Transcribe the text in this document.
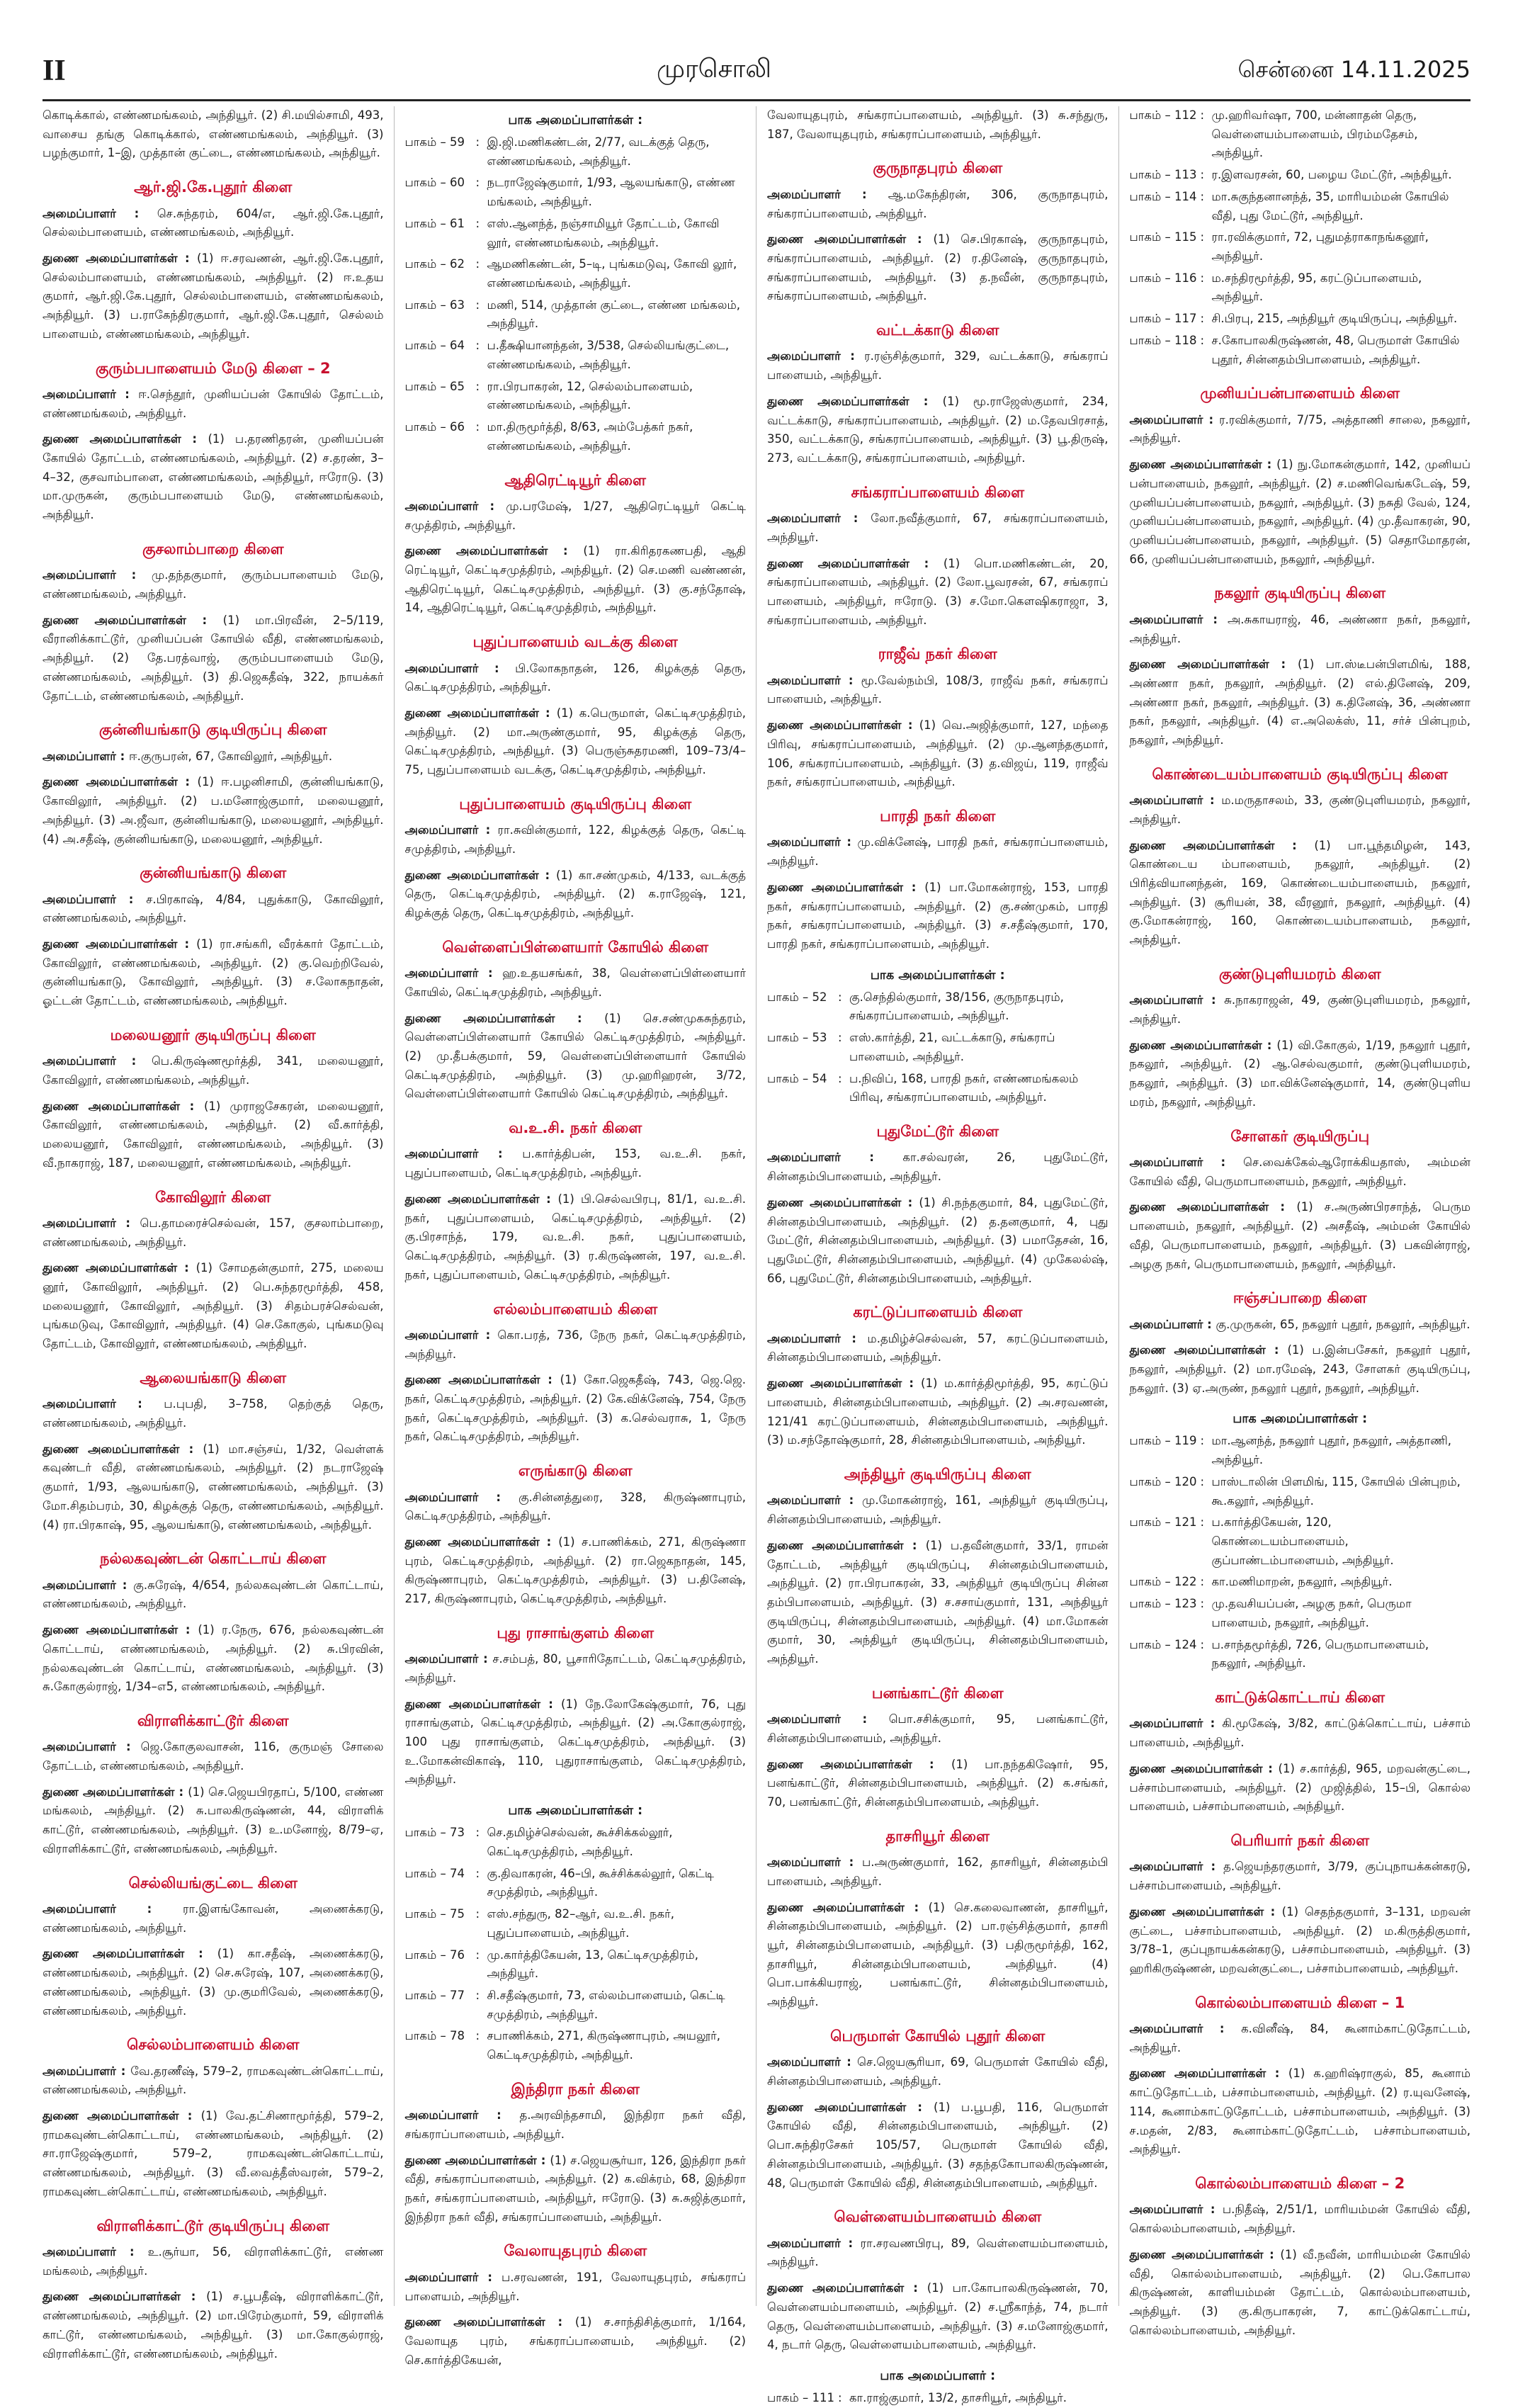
II	முரசொலி	சென்னை 14.11.2025

கொடிக்கால், எண்ணமங்கலம், அந்தியூர். (2) சி.மயில்சாமி, 493, வாசைய தங்கு கொடிக்கால், எண்ணமங்கலம், அந்தியூர். (3) பழந்குமார், 1–இ, முத்தான் குட்டை, எண்ணமங்கலம், அந்தியூர்.

ஆர்.ஜி.கே.புதூர் கிளை

அமைப்பாளர் : செ.சுந்தரம், 604/எ, ஆர்.ஜி.கே.புதூர், செல்லம்பாளையம், எண்ணமங்கலம், அந்தியூர்.

துணை அமைப்பாளர்கள் : (1) ஈ.சரவணன், ஆர்.ஜி.கே.புதூர், செல்லம்பாளையம், எண்ணமங்கலம், அந்தியூர். (2) ஈ.உதய குமார், ஆர்.ஜி.கே.புதூர், செல்லம்பாளையம், எண்ணமங்கலம், அந்தியூர். (3) ப.ராகேந்திரகுமார், ஆர்.ஜி.கே.புதூர், செல்லம் பாளையம், எண்ணமங்கலம், அந்தியூர்.

குரும்பபாளையம் மேடு கிளை – 2

அமைப்பாளர் : ஈ.செந்தூர், முனியப்பன் கோயில் தோட்டம், எண்ணமங்கலம், அந்தியூர்.

துணை அமைப்பாளர்கள் : (1) ப.தரணிதரன், முனியப்பன் கோயில் தோட்டம், எண்ணமங்கலம், அந்தியூர். (2) ச.தரண், 3–4–32, குசவாம்பாளை, எண்ணமங்கலம், அந்தியூர், ஈரோடு. (3) மா.முருகன், குரும்பபாளையம் மேடு, எண்ணமங்கலம், அந்தியூர்.

குசலாம்பாறை கிளை

அமைப்பாளர் : மு.தந்தகுமார், குரும்பபாளையம் மேடு, எண்ணமங்கலம், அந்தியூர்.

துணை அமைப்பாளர்கள் : (1) மா.பிரவீன், 2–5/119, வீரானிக்காட்டூர், முனியப்பன் கோயில் வீதி, எண்ணமங்கலம், அந்தியூர். (2) தே.பரத்வாஜ், குரும்பபாளையம் மேடு, எண்ணமங்கலம், அந்தியூர். (3) தி.ஜெகதீஷ், 322, நாயக்கர் தோட்டம், எண்ணமங்கலம், அந்தியூர்.

குன்னியங்காடு குடியிருப்பு கிளை

அமைப்பாளர் : ஈ.குருபரன், 67, கோவிலூர், அந்தியூர்.

துணை அமைப்பாளர்கள் : (1) ஈ.பழனிசாமி, குன்னியங்காடு, கோவிலூர், அந்தியூர். (2) ப.மனோஜ்குமார், மலையனூர், அந்தியூர். (3) அ.ஜீவா, குன்னியங்காடு, மலையனூர், அந்தியூர். (4) அ.சதீஷ், குன்னியங்காடு, மலையனூர், அந்தியூர்.

குன்னியங்காடு கிளை

அமைப்பாளர் : ச.பிரகாஷ், 4/84, புதுக்காடு, கோவிலூர், எண்ணமங்கலம், அந்தியூர்.

துணை அமைப்பாளர்கள் : (1) ரா.சங்கரி, வீரக்கார் தோட்டம், கோவிலூர், எண்ணமங்கலம், அந்தியூர். (2) கு.வெற்றிவேல், குன்னியங்காடு, கோவிலூர், அந்தியூர். (3) ச.லோகநாதன், ஓட்டன் தோட்டம், எண்ணமங்கலம், அந்தியூர்.

மலையனூர் குடியிருப்பு கிளை

அமைப்பாளர் : பெ.கிருஷ்ணமூர்த்தி, 341, மலையனூர், கோவிலூர், எண்ணமங்கலம், அந்தியூர்.

துணை அமைப்பாளர்கள் : (1) முராஜசேகரன், மலையனூர், கோவிலூர், எண்ணமங்கலம், அந்தியூர். (2) வீ.கார்த்தி, மலையனூர், கோவிலூர், எண்ணமங்கலம், அந்தியூர். (3) வீ.நாகராஜ், 187, மலையனூர், எண்ணமங்கலம், அந்தியூர்.

கோவிலூர் கிளை

அமைப்பாளர் : பெ.தாமரைச்செல்வன், 157, குசலாம்பாறை, எண்ணமங்கலம், அந்தியூர்.

துணை அமைப்பாளர்கள் : (1) சோமதன்குமார், 275, மலைய னூர், கோவிலூர், அந்தியூர். (2) பெ.சுந்தரமூர்த்தி, 458, மலையனூர், கோவிலூர், அந்தியூர். (3) சிதம்பரச்செல்வன், புங்கமடுவு, கோவிலூர், அந்தியூர். (4) செ.கோகுல், புங்கமடுவு தோட்டம், கோவிலூர், எண்ணமங்கலம், அந்தியூர்.

ஆலையங்காடு கிளை

அமைப்பாளர் : ப.புபதி, 3–758, தெற்குத் தெரு, எண்ணமங்கலம், அந்தியூர்.

துணை அமைப்பாளர்கள் : (1) மா.சஞ்சய், 1/32, வெள்ளக் கவுண்டர் வீதி, எண்ணமங்கலம், அந்தியூர். (2) நடராஜேஷ் குமார், 1/93, ஆலயங்காடு, எண்ணமங்கலம், அந்தியூர். (3) மோ.சிதம்பரம், 30, கிழக்குத் தெரு, எண்ணமங்கலம், அந்தியூர். (4) ரா.பிரகாஷ், 95, ஆலயங்காடு, எண்ணமங்கலம், அந்தியூர்.

நல்லகவுண்டன் கொட்டாய் கிளை

அமைப்பாளர் : கு.சுரேஷ், 4/654, நல்லகவுண்டன் கொட்டாய், எண்ணமங்கலம், அந்தியூர்.

துணை அமைப்பாளர்கள் : (1) ர.நேரு, 676, நல்லகவுண்டன் கொட்டாய், எண்ணமங்கலம், அந்தியூர். (2) சு.பிரவின், நல்லகவுண்டன் கொட்டாய், எண்ணமங்கலம், அந்தியூர். (3) சு.கோகுல்ராஜ், 1/34–எ5, எண்ணமங்கலம், அந்தியூர்.

விராளிக்காட்டூர் கிளை

அமைப்பாளர் : ஜெ.கோகுலவாசன், 116, குருமஞ் சோலை தோட்டம், எண்ணமங்கலம், அந்தியூர்.

துணை அமைப்பாளர்கள் : (1) செ.ஜெயபிரதாப், 5/100, எண்ண மங்கலம், அந்தியூர். (2) சு.பாலகிருஷ்ணன், 44, விராளிக் காட்டூர், எண்ணமங்கலம், அந்தியூர். (3) உ.மனோஜ், 8/79–ஏ, விராளிக்காட்டூர், எண்ணமங்கலம், அந்தியூர்.

செல்லியங்குட்டை கிளை

அமைப்பாளர் : ரா.இளங்கோவன், அணைக்கரடு, எண்ணமங்கலம், அந்தியூர்.

துணை அமைப்பாளர்கள் : (1) கா.சதீஷ், அணைக்கரடு, எண்ணமங்கலம், அந்தியூர். (2) செ.சுரேஷ், 107, அணைக்கரடு, எண்ணமங்கலம், அந்தியூர். (3) மு.குமரிவேல், அணைக்கரடு, எண்ணமங்கலம், அந்தியூர்.

செல்லம்பாளையம் கிளை

அமைப்பாளர் : வே.தரணீஷ், 579–2, ராமகவுண்டன்கொட்டாய், எண்ணமங்கலம், அந்தியூர்.

துணை அமைப்பாளர்கள் : (1) வே.தட்சிணாமூர்த்தி, 579–2, ராமகவுண்டன்கொட்டாய், எண்ணமங்கலம், அந்தியூர். (2) சா.ராஜேஷ்குமார், 579–2, ராமகவுண்டன்கொட்டாய், எண்ணமங்கலம், அந்தியூர். (3) வீ.வைத்தீஸ்வரன், 579–2, ராமகவுண்டன்கொட்டாய், எண்ணமங்கலம், அந்தியூர்.

விராளிக்காட்டூர் குடியிருப்பு கிளை

அமைப்பாளர் : உ.சூர்யா, 56, விராளிக்காட்டூர், எண்ண மங்கலம், அந்தியூர்.

துணை அமைப்பாளர்கள் : (1) ச.பூபதீஷ், விராளிக்காட்டூர், எண்ணமங்கலம், அந்தியூர். (2) மா.பிரேம்குமார், 59, விராளிக் காட்டூர், எண்ணமங்கலம், அந்தியூர். (3) மா.கோகுல்ராஜ், விராளிக்காட்டூர், எண்ணமங்கலம், அந்தியூர்.

பாக அமைப்பாளர்கள் :
பாகம் – 59 : இ.ஜி.மணிகண்டன், 2/77, வடக்குத் தெரு, எண்ணமங்கலம், அந்தியூர்.
பாகம் – 60 : நடராஜேஷ்குமார், 1/93, ஆலயங்காடு, எண்ண மங்கலம், அந்தியூர்.
பாகம் – 61 : எஸ்.ஆனந்த், நஞ்சாமியூர் தோட்டம், கோவி லூர், எண்ணமங்கலம், அந்தியூர்.
பாகம் – 62 : ஆமணிகண்டன், 5–டி, புங்கமடுவு, கோவி லூர், எண்ணமங்கலம், அந்தியூர்.
பாகம் – 63 : மணி, 514, முத்தான் குட்டை, எண்ண மங்கலம், அந்தியூர்.
பாகம் – 64 : ப.தீக்ஷியானந்தன், 3/538, செல்லியங்குட்டை, எண்ணமங்கலம், அந்தியூர்.
பாகம் – 65 : ரா.பிரபாகரன், 12, செல்லம்பாளையம், எண்ணமங்கலம், அந்தியூர்.
பாகம் – 66 : மா.திருமூர்த்தி, 8/63, அம்பேத்கர் நகர், எண்ணமங்கலம், அந்தியூர்.
ஆதிரெட்டியூர் கிளை

அமைப்பாளர் : மு.பரமேஷ், 1/27, ஆதிரெட்டியூர் கெட்டி சமுத்திரம், அந்தியூர்.

துணை அமைப்பாளர்கள் : (1) ரா.கிரிதரகணபதி, ஆதி ரெட்டியூர், கெட்டிசமுத்திரம், அந்தியூர். (2) செ.மணி வண்ணன், ஆதிரெட்டியூர், கெட்டிசமுத்திரம், அந்தியூர். (3) கு.சந்தோஷ், 14, ஆதிரெட்டியூர், கெட்டிசமுத்திரம், அந்தியூர்.

புதுப்பாளையம் வடக்கு கிளை

அமைப்பாளர் : பி.லோகநாதன், 126, கிழக்குத் தெரு, கெட்டிசமுத்திரம், அந்தியூர்.

துணை அமைப்பாளர்கள் : (1) க.பெருமாள், கெட்டிசமுத்திரம், அந்தியூர். (2) மா.அருண்குமார், 95, கிழக்குத் தெரு, கெட்டிசமுத்திரம், அந்தியூர். (3) பெருஞ்சுதரமணி, 109–73/4–75, புதுப்பாளையம் வடக்கு, கெட்டிசமுத்திரம், அந்தியூர்.

புதுப்பாளையம் குடியிருப்பு கிளை

அமைப்பாளர் : ரா.சுவின்குமார், 122, கிழக்குத் தெரு, கெட்டி சமுத்திரம், அந்தியூர்.

துணை அமைப்பாளர்கள் : (1) கா.சண்முகம், 4/133, வடக்குத் தெரு, கெட்டிசமுத்திரம், அந்தியூர். (2) க.ராஜேஷ், 121, கிழக்குத் தெரு, கெட்டிசமுத்திரம், அந்தியூர்.

வெள்ளைப்பிள்ளையார் கோயில் கிளை

அமைப்பாளர் : ஹ.உதயசங்கர், 38, வெள்ளைப்பிள்ளையார் கோயில், கெட்டிசமுத்திரம், அந்தியூர்.

துணை அமைப்பாளர்கள் : (1) செ.சண்முகசுந்தரம், வெள்ளைப்பிள்ளையார் கோயில் கெட்டிசமுத்திரம், அந்தியூர். (2) மு.தீபக்குமார், 59, வெள்ளைப்பிள்ளையார் கோயில் கெட்டிசமுத்திரம், அந்தியூர். (3) மு.ஹரிஹரன், 3/72, வெள்ளைப்பிள்ளையார் கோயில் கெட்டிசமுத்திரம், அந்தியூர்.

வ.உ.சி. நகர் கிளை

அமைப்பாளர் : ப.கார்த்திபன், 153, வ.உ.சி. நகர், புதுப்பாளையம், கெட்டிசமுத்திரம், அந்தியூர்.

துணை அமைப்பாளர்கள் : (1) பி.செல்வபிரபு, 81/1, வ.உ.சி. நகர், புதுப்பாளையம், கெட்டிசமுத்திரம், அந்தியூர். (2) கு.பிரசாந்த், 179, வ.உ.சி. நகர், புதுப்பாளையம், கெட்டிசமுத்திரம், அந்தியூர். (3) ர.கிருஷ்ணன், 197, வ.உ.சி. நகர், புதுப்பாளையம், கெட்டிசமுத்திரம், அந்தியூர்.

எல்லம்பாளையம் கிளை

அமைப்பாளர் : கொ.பரத், 736, நேரு நகர், கெட்டிசமுத்திரம், அந்தியூர்.

துணை அமைப்பாளர்கள் : (1) கோ.ஜெகதீஷ், 743, ஜெ.ஜெ. நகர், கெட்டிசமுத்திரம், அந்தியூர். (2) கே.விக்னேஷ், 754, நேரு நகர், கெட்டிசமுத்திரம், அந்தியூர். (3) க.செல்வராசு, 1, நேரு நகர், கெட்டிசமுத்திரம், அந்தியூர்.

எருங்காடு கிளை

அமைப்பாளர் : கு.சின்னத்துரை, 328, கிருஷ்ணாபுரம், கெட்டிசமுத்திரம், அந்தியூர்.

துணை அமைப்பாளர்கள் : (1) ச.பாணிக்கம், 271, கிருஷ்ணா புரம், கெட்டிசமுத்திரம், அந்தியூர். (2) ரா.ஜெகநாதன், 145, கிருஷ்ணாபுரம், கெட்டிசமுத்திரம், அந்தியூர். (3) ப.தினேஷ், 217, கிருஷ்ணாபுரம், கெட்டிசமுத்திரம், அந்தியூர்.

புது ராசாங்குளம் கிளை

அமைப்பாளர் : ச.சம்பத், 80, பூசாரிதோட்டம், கெட்டிசமுத்திரம், அந்தியூர்.

துணை அமைப்பாளர்கள் : (1) நே.லோகேஷ்குமார், 76, புது ராசாங்குளம், கெட்டிசமுத்திரம், அந்தியூர். (2) அ.கோகுல்ராஜ், 100 புது ராசாங்குளம், கெட்டிசமுத்திரம், அந்தியூர். (3) உ.மோகன்விகாஷ், 110, புதுராசாங்குளம், கெட்டிசமுத்திரம், அந்தியூர்.

பாக அமைப்பாளர்கள் :
பாகம் – 73 : செ.தமிழ்ச்செல்வன், கூச்சிக்கல்லூர், கெட்டிசமுத்திரம், அந்தியூர்.
பாகம் – 74 : கு.திவாகரன், 46–பி, கூச்சிக்கல்லூர், கெட்டி சமுத்திரம், அந்தியூர்.
பாகம் – 75 : எஸ்.சந்துரு, 82–ஆர், வ.உ.சி. நகர், புதுப்பாளையம், அந்தியூர்.
பாகம் – 76 : மு.கார்த்திகேயன், 13, கெட்டிசமுத்திரம், அந்தியூர்.
பாகம் – 77 : சி.சதீஷ்குமார், 73, எல்லம்பாளையம், கெட்டி சமுத்திரம், அந்தியூர்.
பாகம் – 78 : சபாணிக்கம், 271, கிருஷ்ணாபுரம், அயலூர், கெட்டிசமுத்திரம், அந்தியூர்.
இந்திரா நகர் கிளை

அமைப்பாளர் : த.அரவிந்தசாமி, இந்திரா நகர் வீதி, சங்கராப்பாளையம், அந்தியூர்.

துணை அமைப்பாளர்கள் : (1) ச.ஜெயசூர்யா, 126, இந்திரா நகர் வீதி, சங்கராப்பாளையம், அந்தியூர். (2) க.விக்ரம், 68, இந்திரா நகர், சங்கராப்பாளையம், அந்தியூர், ஈரோடு. (3) சு.சுஜித்குமார், இந்திரா நகர் வீதி, சங்கராப்பாளையம், அந்தியூர்.

வேலாயுதபுரம் கிளை

அமைப்பாளர் : ப.சரவணன், 191, வேலாயுதபுரம், சங்கராப் பாளையம், அந்தியூர்.

துணை அமைப்பாளர்கள் : (1) ச.சாந்திசித்குமார், 1/164, வேலாயுத புரம், சங்கராப்பாளையம், அந்தியூர். (2) செ.கார்த்திகேயன்,

வேலாயுதபுரம், சங்கராப்பாளையம், அந்தியூர். (3) சு.சந்துரு, 187, வேலாயுதபுரம், சங்கராப்பாளையம், அந்தியூர்.

குருநாதபுரம் கிளை

அமைப்பாளர் : ஆ.மகேந்திரன், 306, குருநாதபுரம், சங்கராப்பாளையம், அந்தியூர்.

துணை அமைப்பாளர்கள் : (1) செ.பிரகாஷ், குருநாதபுரம், சங்கராப்பாளையம், அந்தியூர். (2) ர.தினேஷ், குருநாதபுரம், சங்கராப்பாளையம், அந்தியூர். (3) த.நவீன், குருநாதபுரம், சங்கராப்பாளையம், அந்தியூர்.

வட்டக்காடு கிளை

அமைப்பாளர் : ர.ரஞ்சித்குமார், 329, வட்டக்காடு, சங்கராப் பாளையம், அந்தியூர்.

துணை அமைப்பாளர்கள் : (1) மூ.ராஜேஸ்குமார், 234, வட்டக்காடு, சங்கராப்பாளையம், அந்தியூர். (2) ம.தேவபிரசாத், 350, வட்டக்காடு, சங்கராப்பாளையம், அந்தியூர். (3) பூ.திருஷ், 273, வட்டக்காடு, சங்கராப்பாளையம், அந்தியூர்.

சங்கராப்பாளையம் கிளை

அமைப்பாளர் : லோ.நவீத்குமார், 67, சங்கராப்பாளையம், அந்தியூர்.

துணை அமைப்பாளர்கள் : (1) பொ.மணிகண்டன், 20, சங்கராப்பாளையம், அந்தியூர். (2) லோ.பூவரசன், 67, சங்கராப் பாளையம், அந்தியூர், ஈரோடு. (3) ச.மோ.கௌஷிகராஜா, 3, சங்கராப்பாளையம், அந்தியூர்.

ராஜீவ் நகர் கிளை

அமைப்பாளர் : மூ.வேல்நம்பி, 108/3, ராஜீவ் நகர், சங்கராப் பாளையம், அந்தியூர்.

துணை அமைப்பாளர்கள் : (1) வெ.அஜித்குமார், 127, மந்தை பிரிவு, சங்கராப்பாளையம், அந்தியூர். (2) மு.ஆனந்தகுமார், 106, சங்கராப்பாளையம், அந்தியூர். (3) த.விஜய், 119, ராஜீவ் நகர், சங்கராப்பாளையம், அந்தியூர்.

பாரதி நகர் கிளை

அமைப்பாளர் : மு.விக்னேஷ், பாரதி நகர், சங்கராப்பாளையம், அந்தியூர்.

துணை அமைப்பாளர்கள் : (1) பா.மோகன்ராஜ், 153, பாரதி நகர், சங்கராப்பாளையம், அந்தியூர். (2) கு.சண்முகம், பாரதி நகர், சங்கராப்பாளையம், அந்தியூர். (3) ச.சதீஷ்குமார், 170, பாரதி நகர், சங்கராப்பாளையம், அந்தியூர்.

பாக அமைப்பாளர்கள் :
பாகம் – 52 : கு.செந்தில்குமார், 38/156, குருநாதபுரம், சங்கராப்பாளையம், அந்தியூர்.
பாகம் – 53 : எஸ்.கார்த்தி, 21, வட்டக்காடு, சங்கராப் பாளையம், அந்தியூர்.
பாகம் – 54 : ப.நிவிப், 168, பாரதி நகர், எண்ணமங்கலம் பிரிவு, சங்கராப்பாளையம், அந்தியூர்.
புதுமேட்டூர் கிளை

அமைப்பாளர் : கா.சல்வரன், 26, புதுமேட்டூர், சின்னதம்பிபாளையம், அந்தியூர்.

துணை அமைப்பாளர்கள் : (1) சி.நந்தகுமார், 84, புதுமேட்டூர், சின்னதம்பிபாளையம், அந்தியூர். (2) த.தனகுமார், 4, புது மேட்டூர், சின்னதம்பிபாளையம், அந்தியூர். (3) பமாதேசன், 16, புதுமேட்டூர், சின்னதம்பிபாளையம், அந்தியூர். (4) முகேலல்ஷ், 66, புதுமேட்டூர், சின்னதம்பிபாளையம், அந்தியூர்.

கரட்டுப்பாளையம் கிளை

அமைப்பாளர் : ம.தமிழ்ச்செல்வன், 57, கரட்டுப்பாளையம், சின்னதம்பிபாளையம், அந்தியூர்.

துணை அமைப்பாளர்கள் : (1) ம.கார்த்திமூர்த்தி, 95, கரட்டுப் பாளையம், சின்னதம்பிபாளையம், அந்தியூர். (2) அ.சரவணன், 121/41 கரட்டுப்பாளையம், சின்னதம்பிபாளையம், அந்தியூர். (3) ம.சந்தோஷ்குமார், 28, சின்னதம்பிபாளையம், அந்தியூர்.

அந்தியூர் குடியிருப்பு கிளை

அமைப்பாளர் : மு.மோகன்ராஜ், 161, அந்தியூர் குடியிருப்பு, சின்னதம்பிபாளையம், அந்தியூர்.

துணை அமைப்பாளர்கள் : (1) ப.தவீன்குமார், 33/1, ராமன் தோட்டம், அந்தியூர் குடியிருப்பு, சின்னதம்பிபாளையம், அந்தியூர். (2) ரா.பிரபாகரன், 33, அந்தியூர் குடியிருப்பு சின்ன தம்பிபாளையம், அந்தியூர். (3) ச.சசாய்குமார், 131, அந்தியூர் குடியிருப்பு, சின்னதம்பிபாளையம், அந்தியூர். (4) மா.மோகன் குமார், 30, அந்தியூர் குடியிருப்பு, சின்னதம்பிபாளையம், அந்தியூர்.

பனங்காட்டூர் கிளை

அமைப்பாளர் : பொ.சசிக்குமார், 95, பனங்காட்டூர், சின்னதம்பிபாளையம், அந்தியூர்.

துணை அமைப்பாளர்கள் : (1) பா.நந்தகிஷோர், 95, பனங்காட்டூர், சின்னதம்பிபாளையம், அந்தியூர். (2) க.சங்கர், 70, பனங்காட்டூர், சின்னதம்பிபாளையம், அந்தியூர்.

தாசரியூர் கிளை

அமைப்பாளர் : ப.அருண்குமார், 162, தாசரியூர், சின்னதம்பி பாளையம், அந்தியூர்.

துணை அமைப்பாளர்கள் : (1) செ.கலைவாணன், தாசரியூர், சின்னதம்பிபாளையம், அந்தியூர். (2) பா.ரஞ்சித்குமார், தாசரி யூர், சின்னதம்பிபாளையம், அந்தியூர். (3) பதிருமூர்த்தி, 162, தாசரியூர், சின்னதம்பிபாளையம், அந்தியூர். (4) பொ.பாக்கியராஜ், பனங்காட்டூர், சின்னதம்பிபாளையம், அந்தியூர்.

பெருமாள் கோயில் புதூர் கிளை

அமைப்பாளர் : செ.ஜெயசூரியா, 69, பெருமாள் கோயில் வீதி, சின்னதம்பிபாளையம், அந்தியூர்.

துணை அமைப்பாளர்கள் : (1) ப.பூபதி, 116, பெருமாள் கோயில் வீதி, சின்னதம்பிபாளையம், அந்தியூர். (2) பொ.சுந்திரசேகர் 105/57, பெருமாள் கோயில் வீதி, சின்னதம்பிபாளையம், அந்தியூர். (3) சதந்தகோபாலகிருஷ்ணன், 48, பெருமாள் கோயில் வீதி, சின்னதம்பிபாளையம், அந்தியூர்.

வெள்ளையம்பாளையம் கிளை

அமைப்பாளர் : ரா.சரவணபிரபு, 89, வெள்ளையம்பாளையம், அந்தியூர்.

துணை அமைப்பாளர்கள் : (1) பா.கோபாலகிருஷ்ணன், 70, வெள்ளையம்பாளையம், அந்தியூர். (2) ச.ஸ்ரீகாந்த், 74, நடார் தெரு, வெள்ளையம்பாளையம், அந்தியூர். (3) ச.மனோஜ்குமார், 4, நடார் தெரு, வெள்ளையம்பாளையம், அந்தியூர்.

பாக அமைப்பாளர் :
பாகம் – 111 : கா.ராஜ்குமார், 13/2, தாசரியூர், அந்தியூர்.
பாகம் – 112 : மு.ஹரிவர்ஷா, 700, மன்னாதன் தெரு, வெள்ளையம்பாளையம், பிரம்மதேசம், அந்தியூர்.
பாகம் – 113 : ர.இளவரசன், 60, பழைய மேட்டூர், அந்தியூர்.
பாகம் – 114 : மா.சுகுந்தனானந்த், 35, மாரியம்மன் கோயில் வீதி, புது மேட்டூர், அந்தியூர்.
பாகம் – 115 : ரா.ரவிக்குமார், 72, புதுமத்ராகாநங்கனூர், அந்தியூர்.
பாகம் – 116 : ம.சந்திரமூர்த்தி, 95, கரட்டுப்பாளையம், அந்தியூர்.
பாகம் – 117 : சி.பிரபு, 215, அந்தியூர் குடியிருப்பு, அந்தியூர்.
பாகம் – 118 : ச.கோபாலகிருஷ்ணன், 48, பெருமாள் கோயில் புதூர், சின்னதம்பிபாளையம், அந்தியூர்.
முனியப்பன்பாளையம் கிளை

அமைப்பாளர் : ர.ரவிக்குமார், 7/75, அத்தாணி சாலை, நகலூர், அந்தியூர்.

துணை அமைப்பாளர்கள் : (1) நு.மோகன்குமார், 142, முனியப் பன்பாளையம், நகலூர், அந்தியூர். (2) ச.மணிவெங்கடேஷ், 59, முனியப்பன்பாளையம், நகலூர், அந்தியூர். (3) நசுதி வேல், 124, முனியப்பன்பாளையம், நகலூர், அந்தியூர். (4) மு.தீவாகரன், 90, முனியப்பன்பாளையம், நகலூர், அந்தியூர். (5) செதாமோதரன், 66, முனியப்பன்பாளையம், நகலூர், அந்தியூர்.

நகலூர் குடியிருப்பு கிளை

அமைப்பாளர் : அ.சுகாயராஜ், 46, அண்ணா நகர், நகலூர், அந்தியூர்.

துணை அமைப்பாளர்கள் : (1) பா.ஸ்டீபன்பிளமிங், 188, அண்ணா நகர், நகலூர், அந்தியூர். (2) எல்.தினேஷ், 209, அண்ணா நகர், நகலூர், அந்தியூர். (3) க.தினேஷ், 36, அண்ணா நகர், நகலூர், அந்தியூர். (4) எ.அலெக்ஸ், 11, சர்ச் பின்புறம், நகலூர், அந்தியூர்.

கொண்டையம்பாளையம் குடியிருப்பு கிளை

அமைப்பாளர் : ம.மருதாசலம், 33, குண்டுபுளியமரம், நகலூர், அந்தியூர்.

துணை அமைப்பாளர்கள் : (1) பா.பூந்தமிழன், 143, கொண்டைய ம்பாளையம், நகலூர், அந்தியூர். (2) பிரித்வியானந்தன், 169, கொண்டையம்பாளையம், நகலூர், அந்தியூர். (3) சூரியன், 38, வீரனூர், நகலூர், அந்தியூர். (4) கு.மோகன்ராஜ், 160, கொண்டையம்பாளையம், நகலூர், அந்தியூர்.

குண்டுபுளியமரம் கிளை

அமைப்பாளர் : சு.நாகராஜன், 49, குண்டுபுளியமரம், நகலூர், அந்தியூர்.

துணை அமைப்பாளர்கள் : (1) வி.கோகுல், 1/19, நகலூர் புதூர், நகலூர், அந்தியூர். (2) ஆ.செல்வகுமார், குண்டுபுளியமரம், நகலூர், அந்தியூர். (3) மா.விக்னேஷ்குமார், 14, குண்டுபுளிய மரம், நகலூர், அந்தியூர்.

சோளகர் குடியிருப்பு

அமைப்பாளர் : செ.வைக்கேல்ஆரோக்கியதாஸ், அம்மன் கோயில் வீதி, பெருமாபாளையம், நகலூர், அந்தியூர்.

துணை அமைப்பாளர்கள் : (1) ச.அருண்பிரசாந்த், பெரும பாளையம், நகலூர், அந்தியூர். (2) அசதீஷ், அம்மன் கோயில் வீதி, பெருமாபாளையம், நகலூர், அந்தியூர். (3) பகவின்ராஜ், அழகு நகர், பெருமாபாளையம், நகலூர், அந்தியூர்.

ஈஞ்சப்பாறை கிளை

அமைப்பாளர் : கு.முருகன், 65, நகலூர் புதூர், நகலூர், அந்தியூர்.

துணை அமைப்பாளர்கள் : (1) ப.இன்பசேகர், நகலூர் புதூர், நகலூர், அந்தியூர். (2) மா.ரமேஷ், 243, சோளகர் குடியிருப்பு, நகலூர். (3) ஏ.அருண், நகலூர் புதூர், நகலூர், அந்தியூர்.

பாக அமைப்பாளர்கள் :
பாகம் – 119 : மா.ஆனந்த், நகலூர் புதூர், நகலூர், அத்தாணி, அந்தியூர்.
பாகம் – 120 : பாஸ்டாலின் பிளமிங், 115, கோயில் பின்புறம், கூ.கலூர், அந்தியூர்.
பாகம் – 121 : ப.கார்த்திகேயன், 120, கொண்டையம்பாளையம், குப்பாண்டம்பாளையம், அந்தியூர்.
பாகம் – 122 : கா.மணிமாறன், நகலூர், அந்தியூர்.
பாகம் – 123 : மு.தவசியப்பன், அழகு நகர், பெருமா பாளையம், நகலூர், அந்தியூர்.
பாகம் – 124 : ப.சாந்தமூர்த்தி, 726, பெருமாபாளையம், நகலூர், அந்தியூர்.
காட்டுக்கொட்டாய் கிளை

அமைப்பாளர் : கி.மூகேஷ், 3/82, காட்டுக்கொட்டாய், பச்சாம் பாளையம், அந்தியூர்.

துணை அமைப்பாளர்கள் : (1) ச.கார்த்தி, 965, மறவன்குட்டை, பச்சாம்பாளையம், அந்தியூர். (2) முஜித்தில், 15–பி, கொல்ல பாளையம், பச்சாம்பாளையம், அந்தியூர்.

பெரியார் நகர் கிளை

அமைப்பாளர் : த.ஜெயந்தரகுமார், 3/79, குப்புநாயக்கன்கரடு, பச்சாம்பாளையம், அந்தியூர்.

துணை அமைப்பாளர்கள் : (1) செதந்தகுமார், 3–131, மறவன் குட்டை, பச்சாம்பாளையம், அந்தியூர். (2) ம.கிருத்திகுமார், 3/78–1, குப்புநாயக்கன்கரடு, பச்சாம்பாளையம், அந்தியூர். (3) ஹரிகிருஷ்ணன், மறவன்குட்டை, பச்சாம்பாளையம், அந்தியூர்.

கொல்லம்பாளையம் கிளை – 1

அமைப்பாளர் : க.வினீஷ், 84, கூனாம்காட்டுதோட்டம், அந்தியூர்.

துணை அமைப்பாளர்கள் : (1) க.ஹரிஷ்ராகுல், 85, கூனாம் காட்டுதோட்டம், பச்சாம்பாளையம், அந்தியூர். (2) ர.யுவனேஷ், 114, கூனாம்காட்டுதோட்டம், பச்சாம்பாளையம், அந்தியூர். (3) ச.மதன், 2/83, கூனாம்காட்டுதோட்டம், பச்சாம்பாளையம், அந்தியூர்.

கொல்லம்பாளையம் கிளை – 2

அமைப்பாளர் : ப.நிதீஷ், 2/51/1, மாரியம்மன் கோயில் வீதி, கொல்லம்பாளையம், அந்தியூர்.

துணை அமைப்பாளர்கள் : (1) வீ.நவீன், மாரியம்மன் கோயில் வீதி, கொல்லம்பாளையம், அந்தியூர். (2) பெ.கோபால கிருஷ்ணன், காளியம்மன் தோட்டம், கொல்லம்பாளையம், அந்தியூர். (3) கு.கிருபாகரன், 7, காட்டுக்கொட்டாய், கொல்லம்பாளையம், அந்தியூர்.
